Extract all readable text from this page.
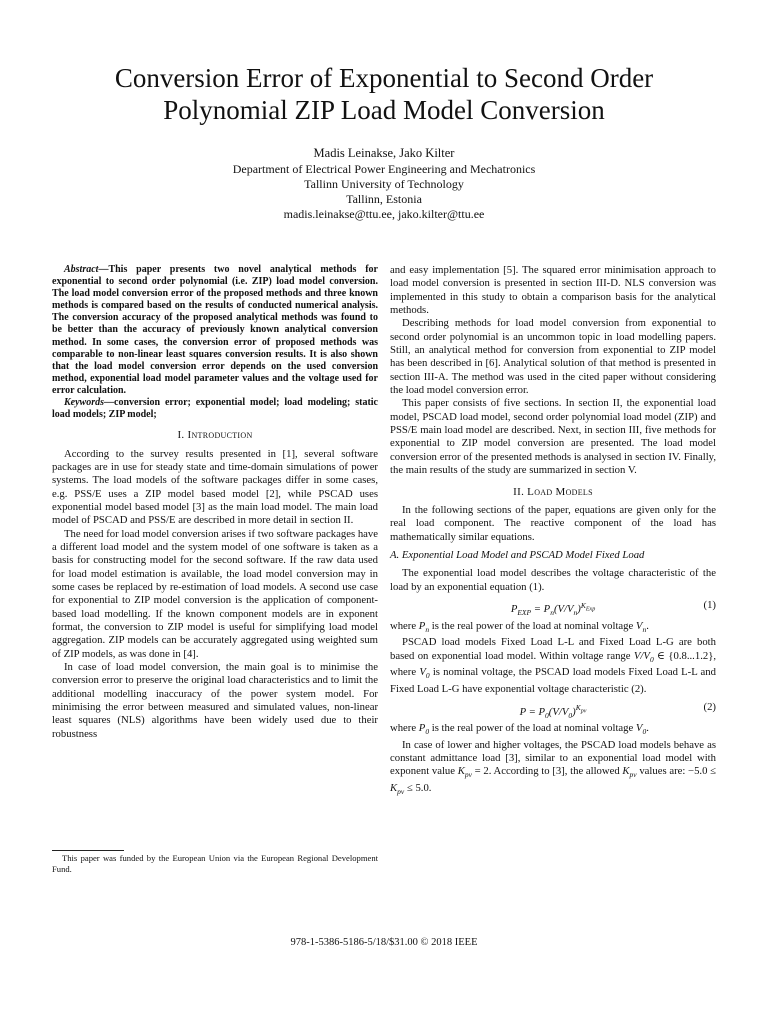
Conversion Error of Exponential to Second Order
Polynomial ZIP Load Model Conversion
Madis Leinakse, Jako Kilter
Department of Electrical Power Engineering and Mechatronics
Tallinn University of Technology
Tallinn, Estonia
madis.leinakse@ttu.ee, jako.kilter@ttu.ee

Abstract—This paper presents two novel analytical methods for exponential to second order polynomial (i.e. ZIP) load model conversion. The load model conversion error of the proposed methods and three known methods is compared based on the results of conducted numerical analysis. The conversion accuracy of the proposed analytical methods was found to be better than the accuracy of previously known analytical conversion method. In some cases, the conversion error of proposed methods was comparable to non-linear least squares conversion results. It is also shown that the load model conversion error depends on the used conversion method, exponential load model parameter values and the voltage used for error calculation.

Keywords—conversion error; exponential model; load modeling; static load models; ZIP model;

I. Introduction

According to the survey results presented in [1], several software packages are in use for steady state and time-domain simulations of power systems. The load models of the software packages differ in some cases, e.g. PSS/E uses a ZIP model based model [2], while PSCAD uses exponential model based model [3] as the main load model. The main load model of PSCAD and PSS/E are described in more detail in section II.

The need for load model conversion arises if two software packages have a different load model and the system model of one software is taken as a basis for constructing model for the second software. If the raw data used for load model estimation is available, the load model conversion may in some cases be replaced by re-estimation of load models. A second use case for exponential to ZIP model conversion is the application of component-based load modelling. If the known component models are in exponent format, the conversion to ZIP model is useful for simplifying load model aggregation. ZIP models can be accurately aggregated using weighted sum of ZIP models, as was done in [4].

In case of load model conversion, the main goal is to minimise the conversion error to preserve the original load characteristics and to limit the additional modelling inaccuracy of the power system model. For minimising the error between measured and simulated values, non-linear least squares (NLS) algorithms have been widely used due to their robustness

and easy implementation [5]. The squared error minimisation approach to load model conversion is presented in section III-D. NLS conversion was implemented in this study to obtain a comparison basis for the analytical methods.

Describing methods for load model conversion from exponential to second order polynomial is an uncommon topic in load modelling papers. Still, an analytical method for conversion from exponential to ZIP model has been described in [6]. Analytical solution of that method is presented in section III-A. The method was used in the cited paper without considering the load model conversion error.

This paper consists of five sections. In section II, the exponential load model, PSCAD load model, second order polynomial load model (ZIP) and PSS/E main load model are described. Next, in section III, five methods for exponential to ZIP model conversion are presented. The load model conversion error of the presented methods is analysed in section IV. Finally, the main results of the study are summarized in section V.

II. Load Models

In the following sections of the paper, equations are given only for the real load component. The reactive component of the load has mathematically similar equations.

A. Exponential Load Model and PSCAD Model Fixed Load

The exponential load model describes the voltage characteristic of the load by an exponential equation (1).

$P_{EXP} = P_n(V/V_n)^{K_{Exp}}$	(1)

where $P_n$ is the real power of the load at nominal voltage $V_n$.

PSCAD load models Fixed Load L-L and Fixed Load L-G are both based on exponential load model. Within voltage range $V/V_0$ ∈ {0.8...1.2}, where $V_0$ is nominal voltage, the PSCAD load models Fixed Load L-L and Fixed Load L-G have exponential voltage characteristic (2).

$P = P_0(V/V_0)^{K_{pv}}$	(2)

where $P_0$ is the real power of the load at nominal voltage $V_0$.

In case of lower and higher voltages, the PSCAD load models behave as constant admittance load [3], similar to an exponential load model with exponent value $K_{pv} = 2$. According to [3], the allowed $K_{pv}$ values are: $-5.0 \le K_{pv} \le 5.0$.

This paper was funded by the European Union via the European Regional Development Fund.
978-1-5386-5186-5/18/$31.00 © 2018 IEEE
